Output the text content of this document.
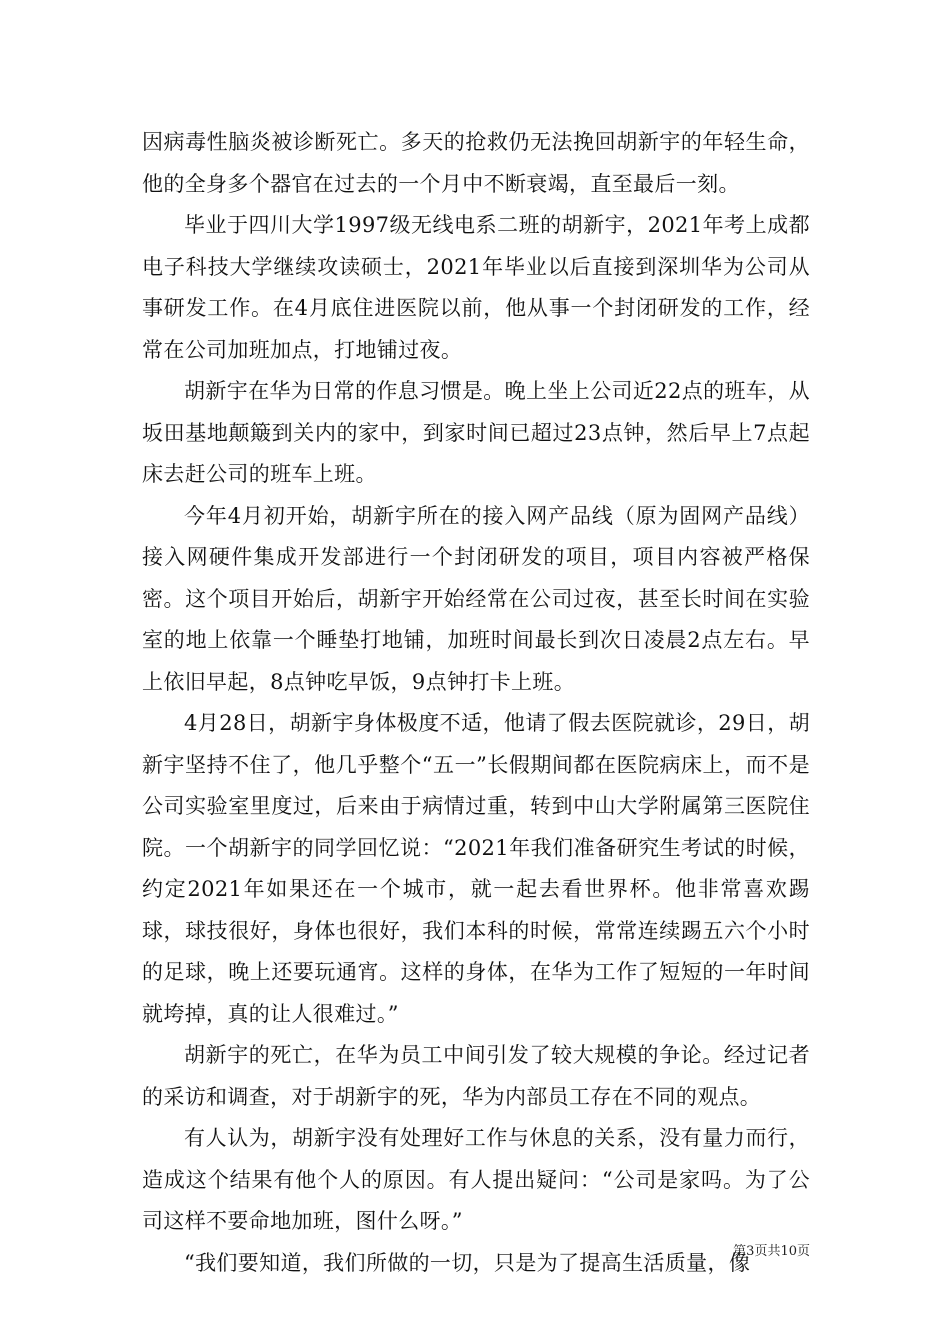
因病毒性脑炎被诊断死亡。多天的抢救仍无法挽回胡新宇的年轻生命，他的全身多个器官在过去的一个月中不断衰竭，直至最后一刻。

毕业于四川大学1997级无线电系二班的胡新宇，2021年考上成都电子科技大学继续攻读硕士，2021年毕业以后直接到深圳华为公司从事研发工作。在4月底住进医院以前，他从事一个封闭研发的工作，经常在公司加班加点，打地铺过夜。

胡新宇在华为日常的作息习惯是。晚上坐上公司近22点的班车，从坂田基地颠簸到关内的家中，到家时间已超过23点钟，然后早上7点起床去赶公司的班车上班。

今年4月初开始，胡新宇所在的接入网产品线（原为固网产品线）接入网硬件集成开发部进行一个封闭研发的项目，项目内容被严格保密。这个项目开始后，胡新宇开始经常在公司过夜，甚至长时间在实验室的地上依靠一个睡垫打地铺，加班时间最长到次日凌晨2点左右。早上依旧早起，8点钟吃早饭，9点钟打卡上班。

4月28日，胡新宇身体极度不适，他请了假去医院就诊，29日，胡新宇坚持不住了，他几乎整个“五一”长假期间都在医院病床上，而不是公司实验室里度过，后来由于病情过重，转到中山大学附属第三医院住院。一个胡新宇的同学回忆说：“2021年我们准备研究生考试的时候，约定2021年如果还在一个城市，就一起去看世界杯。他非常喜欢踢球，球技很好，身体也很好，我们本科的时候，常常连续踢五六个小时的足球，晚上还要玩通宵。这样的身体，在华为工作了短短的一年时间就垮掉，真的让人很难过。”

胡新宇的死亡，在华为员工中间引发了较大规模的争论。经过记者的采访和调查，对于胡新宇的死，华为内部员工存在不同的观点。

有人认为，胡新宇没有处理好工作与休息的关系，没有量力而行，造成这个结果有他个人的原因。有人提出疑问：“公司是家吗。为了公司这样不要命地加班，图什么呀。”

“我们要知道，我们所做的一切，只是为了提高生活质量，像

第3页共10页
